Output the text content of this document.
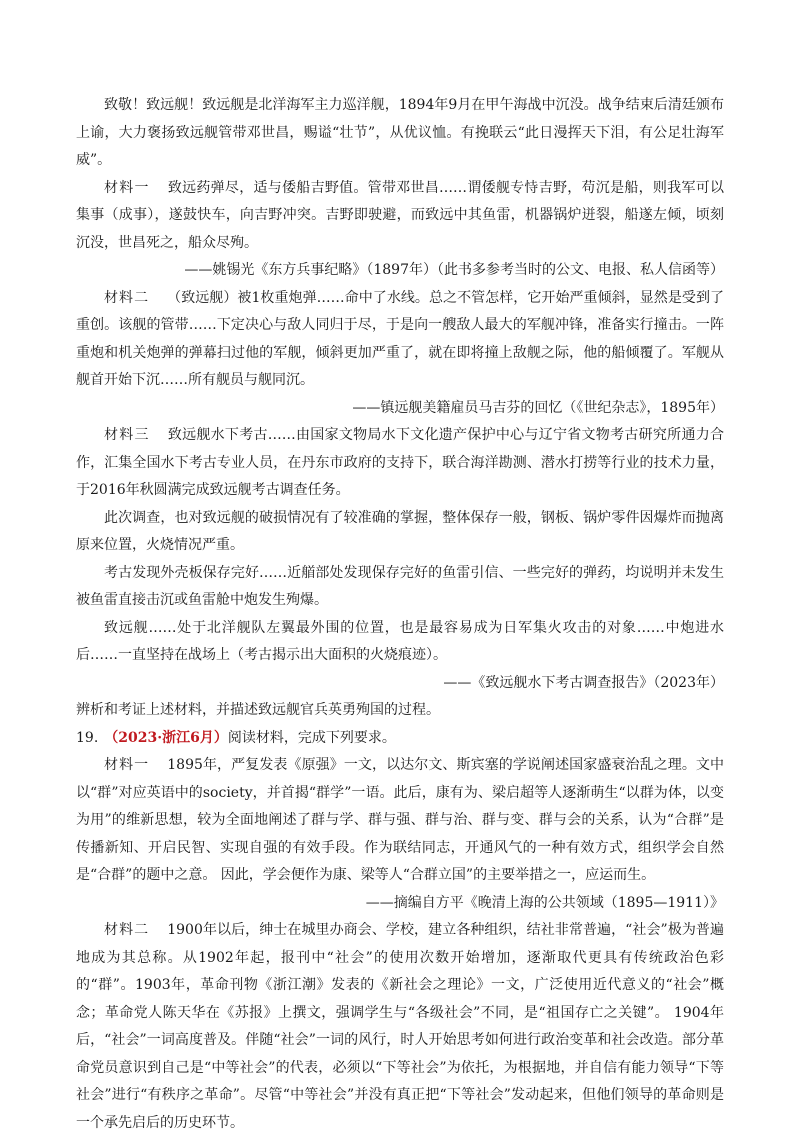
致敬！致远舰！致远舰是北洋海军主力巡洋舰，1894年9月在甲午海战中沉没。战争结束后清廷颁布上谕，大力褒扬致远舰管带邓世昌，赐谥“壮节”，从优议恤。有挽联云“此日漫挥天下泪，有公足壮海军威”。

材料一 致远药弹尽，适与倭船吉野值。管带邓世昌……谓倭舰专恃吉野，苟沉是船，则我军可以集事（成事），遂鼓快车，向吉野冲突。吉野即驶避，而致远中其鱼雷，机器锅炉迸裂，船遂左倾，顷刻沉没，世昌死之，船众尽殉。

——姚锡光《东方兵事纪略》（1897年）（此书多参考当时的公文、电报、私人信函等）

材料二 （致远舰）被1枚重炮弹……命中了水线。总之不管怎样，它开始严重倾斜，显然是受到了重创。该舰的管带……下定决心与敌人同归于尽，于是向一艘敌人最大的军舰冲锋，准备实行撞击。一阵重炮和机关炮弹的弹幕扫过他的军舰，倾斜更加严重了，就在即将撞上敌舰之际，他的船倾覆了。军舰从舰首开始下沉……所有舰员与舰同沉。

——镇远舰美籍雇员马吉芬的回忆（《世纪杂志》，1895年）

材料三 致远舰水下考古……由国家文物局水下文化遗产保护中心与辽宁省文物考古研究所通力合作，汇集全国水下考古专业人员，在丹东市政府的支持下，联合海洋勘测、潜水打捞等行业的技术力量，于2016年秋圆满完成致远舰考古调查任务。

此次调查，也对致远舰的破损情况有了较准确的掌握，整体保存一般，钢板、锅炉零件因爆炸而抛离原来位置，火烧情况严重。

考古发现外壳板保存完好……近艏部处发现保存完好的鱼雷引信、一些完好的弹药，均说明并未发生被鱼雷直接击沉或鱼雷舱中炮发生殉爆。

致远舰……处于北洋舰队左翼最外围的位置，也是最容易成为日军集火攻击的对象……中炮进水后……一直坚持在战场上（考古揭示出大面积的火烧痕迹）。

——《致远舰水下考古调查报告》（2023年）

辨析和考证上述材料，并描述致远舰官兵英勇殉国的过程。

19. （2023·浙江6月）阅读材料，完成下列要求。

材料一 1895年，严复发表《原强》一文，以达尔文、斯宾塞的学说阐述国家盛衰治乱之理。文中以“群”对应英语中的society，并首揭“群学”一语。此后，康有为、梁启超等人逐渐萌生“以群为体，以变为用”的维新思想，较为全面地阐述了群与学、群与强、群与治、群与变、群与会的关系，认为“合群”是传播新知、开启民智、实现自强的有效手段。作为联结同志，开通风气的一种有效方式，组织学会自然是“合群”的题中之意。 因此，学会便作为康、梁等人“合群立国”的主要举措之一，应运而生。

——摘编自方平《晚清上海的公共领域（1895—1911）》

材料二 1900年以后，绅士在城里办商会、学校，建立各种组织，结社非常普遍，“社会”极为普遍地成为其总称。从1902年起，报刊中“社会”的使用次数开始增加，逐渐取代更具有传统政治色彩的“群”。1903年，革命刊物《浙江潮》发表的《新社会之理论》一文，广泛使用近代意义的“社会”概念；革命党人陈天华在《苏报》上撰文，强调学生与“各级社会”不同，是“祖国存亡之关键”。 1904年后，“社会”一词高度普及。伴随“社会”一词的风行，时人开始思考如何进行政治变革和社会改造。部分革命党员意识到自己是“中等社会”的代表，必须以“下等社会”为依托，为根据地，并自信有能力领导“下等社会”进行“有秩序之革命”。尽管“中等社会”并没有真正把“下等社会”发动起来，但他们领导的革命则是一个承先启后的历史环节。
